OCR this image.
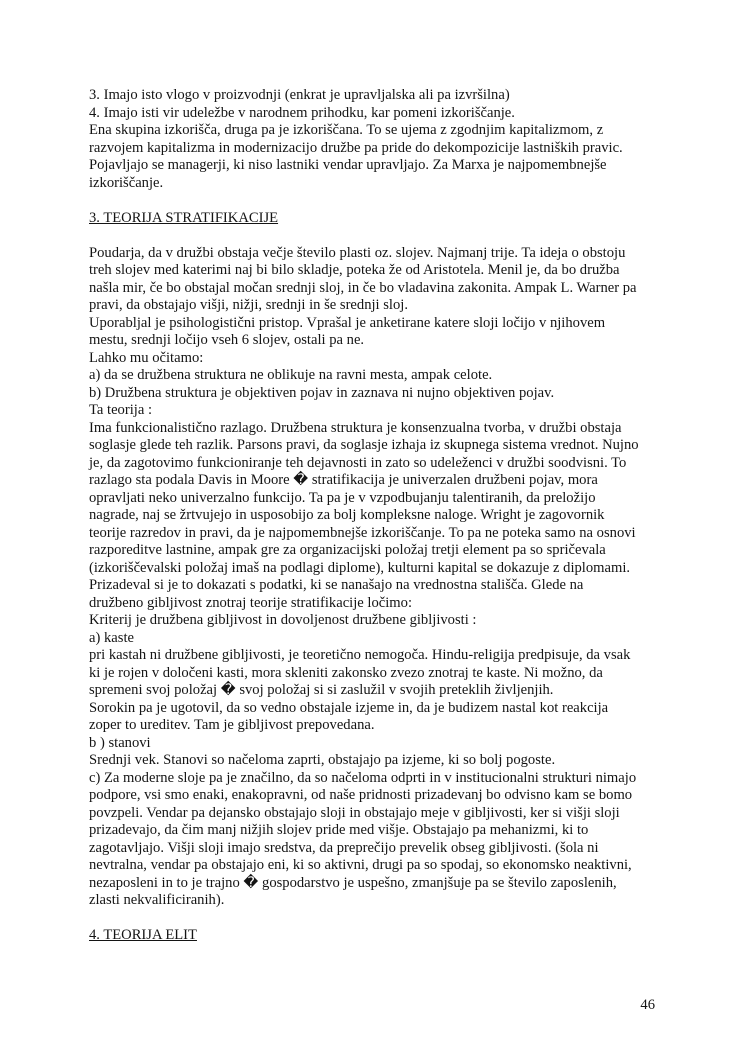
3. Imajo isto vlogo v proizvodnji (enkrat je upravljalska ali pa izvršilna)
4. Imajo isti vir udeležbe v narodnem prihodku, kar pomeni izkoriščanje.
Ena skupina izkorišča, druga pa je izkoriščana. To se ujema z zgodnjim kapitalizmom, z
razvojem kapitalizma in modernizacijo družbe pa pride do dekompozicije lastniških pravic.
Pojavljajo se managerji, ki niso lastniki vendar upravljajo. Za Marxa je najpomembnejše
izkoriščanje.
3. TEORIJA STRATIFIKACIJE
Poudarja, da v družbi obstaja večje število plasti oz. slojev. Najmanj trije. Ta ideja o obstoju
treh slojev med katerimi naj bi bilo skladje, poteka že od Aristotela. Menil je, da bo družba
našla mir, če bo obstajal močan srednji sloj, in če bo vladavina zakonita. Ampak L. Warner pa
pravi, da obstajajo višji, nižji, srednji in še srednji sloj.
Uporabljal je psihologistični pristop. Vprašal je anketirane katere sloji ločijo v njihovem
mestu, srednji ločijo vseh 6 slojev, ostali pa ne.
Lahko mu očitamo:
a) da se družbena struktura ne oblikuje na ravni mesta, ampak celote.
b) Družbena struktura je objektiven pojav in zaznava ni nujno objektiven pojav.
Ta teorija :
Ima funkcionalistično razlago. Družbena struktura je konsenzualna tvorba, v družbi obstaja
soglasje glede teh razlik. Parsons pravi, da soglasje izhaja iz skupnega sistema vrednot. Nujno
je, da zagotovimo funkcioniranje teh dejavnosti in zato so udeleženci v družbi soodvisni. To
razlago sta podala Davis in Moore � stratifikacija je univerzalen družbeni pojav, mora
opravljati neko univerzalno funkcijo. Ta pa je v vzpodbujanju talentiranih, da preložijo
nagrade, naj se žrtvujejo in usposobijo za bolj kompleksne naloge. Wright je zagovornik
teorije razredov in pravi, da je najpomembnejše izkoriščanje. To pa ne poteka samo na osnovi
razporeditve lastnine, ampak gre za organizacijski položaj tretji element pa so spričevala
(izkoriščevalski položaj imaš na podlagi diplome), kulturni kapital se dokazuje z diplomami.
Prizadeval si je to dokazati s podatki, ki se nanašajo na vrednostna stališča. Glede na
družbeno gibljivost znotraj teorije stratifikacije ločimo:
Kriterij je družbena gibljivost in dovoljenost družbene gibljivosti :
a) kaste
pri kastah ni družbene gibljivosti, je teoretično nemogoča. Hindu-religija predpisuje, da vsak
ki je rojen v določeni kasti, mora skleniti zakonsko zvezo znotraj te kaste. Ni možno, da
spremeni svoj položaj � svoj položaj si si zaslužil v svojih preteklih življenjih.
Sorokin pa je ugotovil, da so vedno obstajale izjeme in, da je budizem nastal kot reakcija
zoper to ureditev. Tam je gibljivost prepovedana.
b ) stanovi
Srednji vek. Stanovi so načeloma zaprti, obstajajo pa izjeme, ki so bolj pogoste.
c) Za moderne sloje pa je značilno, da so načeloma odprti in v institucionalni strukturi nimajo
podpore, vsi smo enaki, enakopravni, od naše pridnosti prizadevanj bo odvisno kam se bomo
povzpeli. Vendar pa dejansko obstajajo sloji in obstajajo meje v gibljivosti, ker si višji sloji
prizadevajo, da čim manj nižjih slojev pride med višje. Obstajajo pa mehanizmi, ki to
zagotavljajo. Višji sloji imajo sredstva, da preprečijo prevelik obseg gibljivosti. (šola ni
nevtralna, vendar pa obstajajo eni, ki so aktivni, drugi pa so spodaj, so ekonomsko neaktivni,
nezaposleni in to je trajno � gospodarstvo je uspešno, zmanjšuje pa se število zaposlenih,
zlasti nekvalificiranih).
4. TEORIJA ELIT
46
